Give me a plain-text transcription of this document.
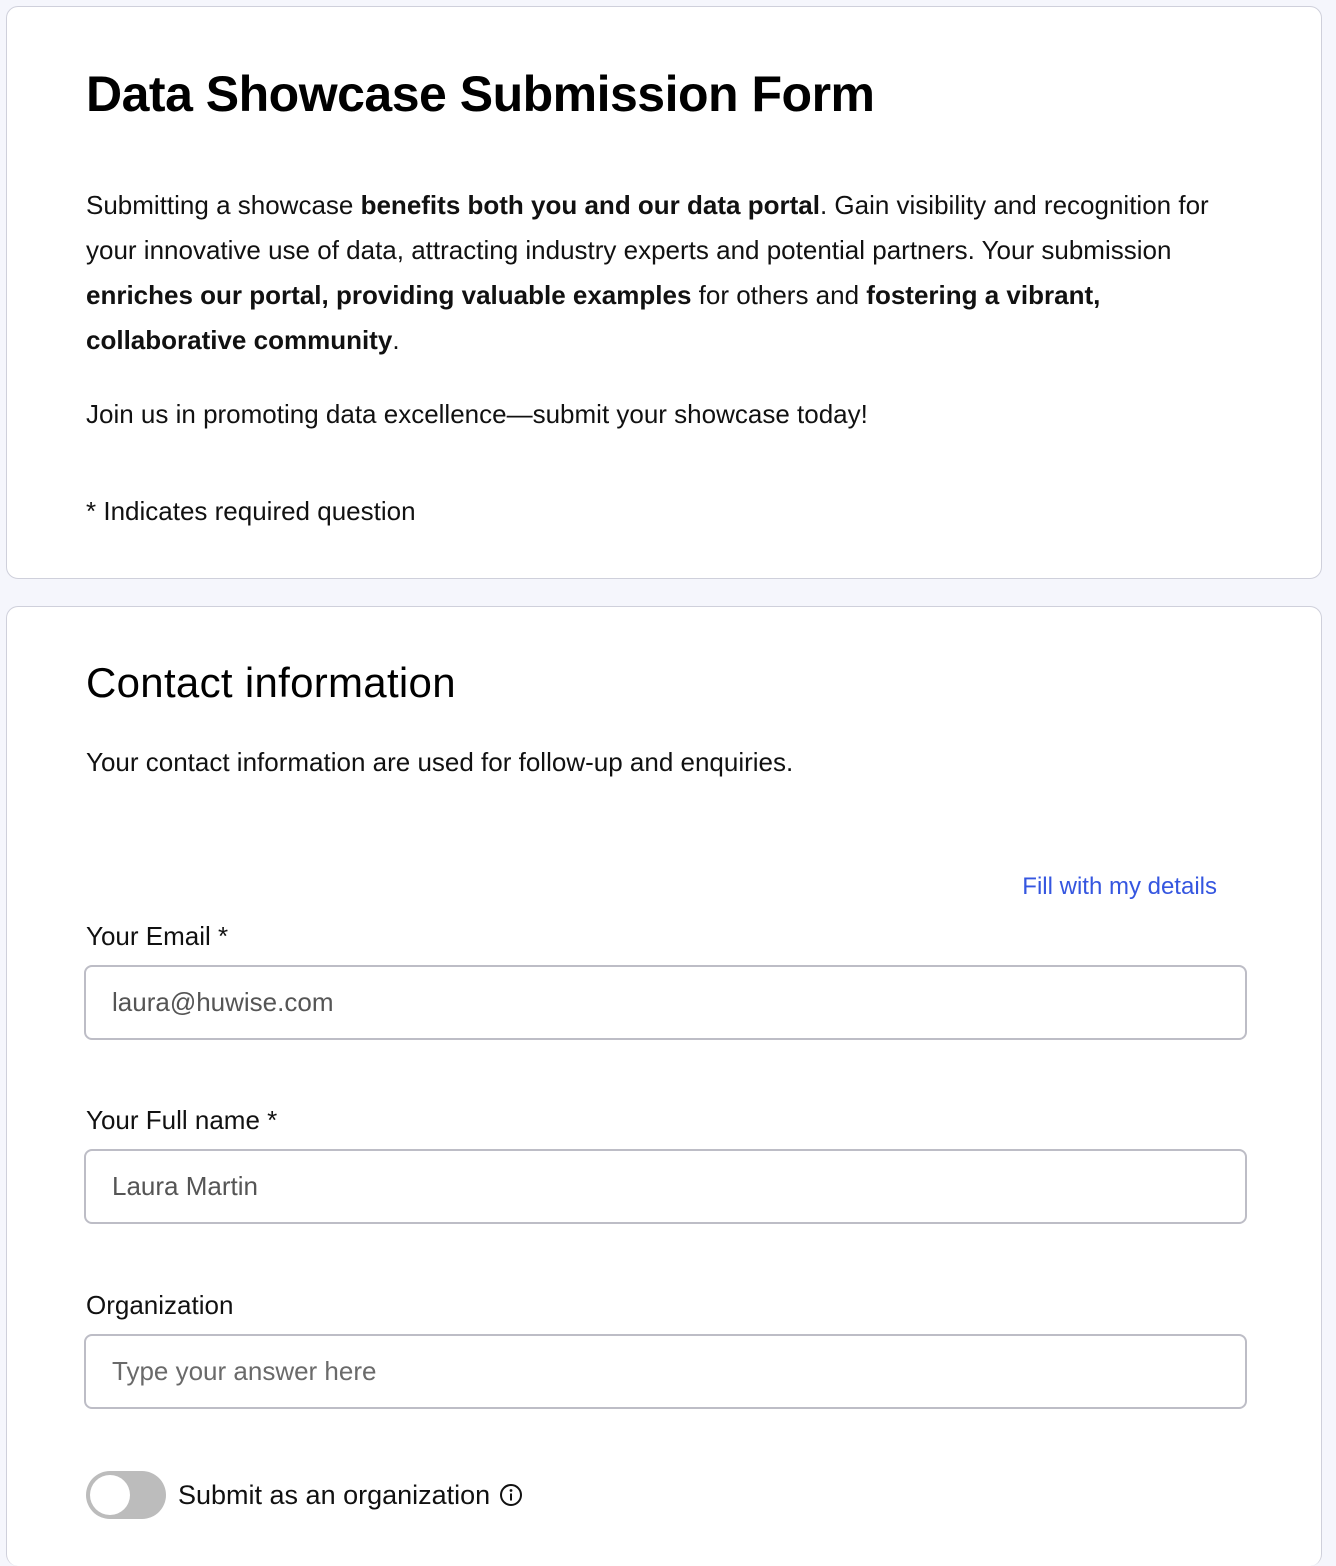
Data Showcase Submission Form

Submitting a showcase benefits both you and our data portal. Gain visibility and recognition for your innovative use of data, attracting industry experts and potential partners. Your submission enriches our portal, providing valuable examples for others and fostering a vibrant, collaborative community.

Join us in promoting data excellence—submit your showcase today!

* Indicates required question

Contact information

Your contact information are used for follow-up and enquiries.

Fill with my details
Your Email *
laura@huwise.com
Your Full name *
Laura Martin
Organization
Type your answer here
Submit as an organization
